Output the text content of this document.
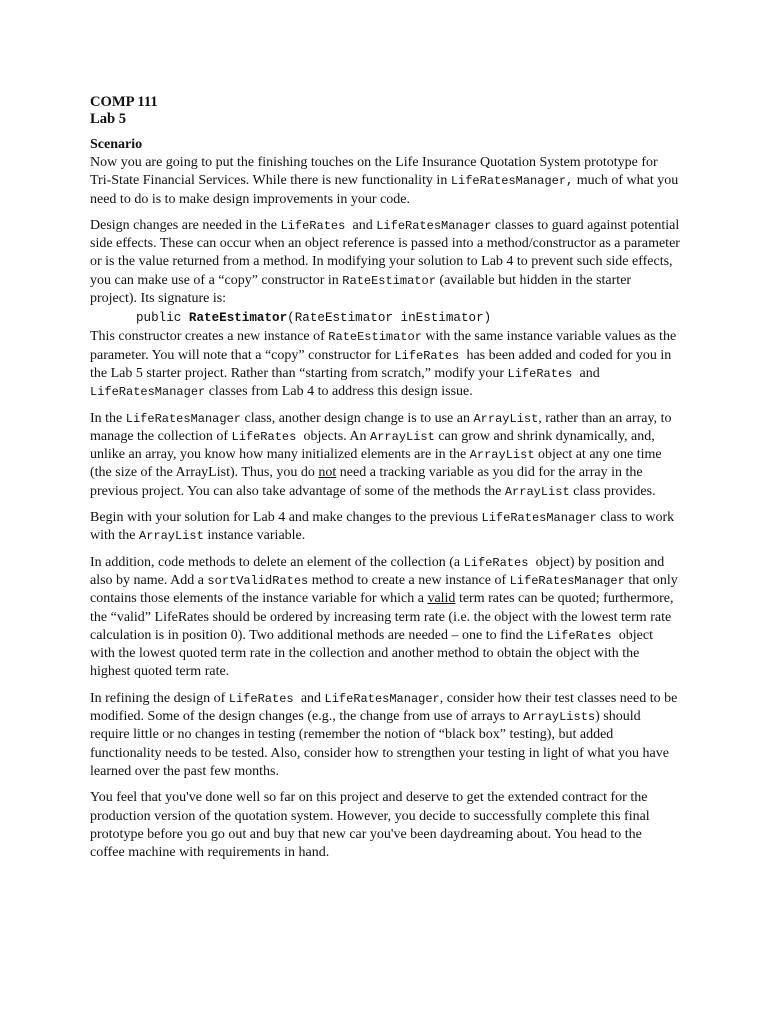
COMP 111
Lab 5
Scenario

Now you are going to put the finishing touches on the Life Insurance Quotation System prototype for Tri-State Financial Services. While there is new functionality in LifeRatesManager, much of what you need to do is to make design improvements in your code.

Design changes are needed in the LifeRates and LifeRatesManager classes to guard against potential side effects. These can occur when an object reference is passed into a method/constructor as a parameter or is the value returned from a method. In modifying your solution to Lab 4 to prevent such side effects, you can make use of a “copy” constructor in RateEstimator (available but hidden in the starter project). Its signature is:

public RateEstimator(RateEstimator inEstimator)

This constructor creates a new instance of RateEstimator with the same instance variable values as the parameter. You will note that a “copy” constructor for LifeRates has been added and coded for you in the Lab 5 starter project. Rather than “starting from scratch,” modify your LifeRates and LifeRatesManager classes from Lab 4 to address this design issue.

In the LifeRatesManager class, another design change is to use an ArrayList, rather than an array, to manage the collection of LifeRates objects. An ArrayList can grow and shrink dynamically, and, unlike an array, you know how many initialized elements are in the ArrayList object at any one time (the size of the ArrayList). Thus, you do not need a tracking variable as you did for the array in the previous project. You can also take advantage of some of the methods the ArrayList class provides.

Begin with your solution for Lab 4 and make changes to the previous LifeRatesManager class to work with the ArrayList instance variable.

In addition, code methods to delete an element of the collection (a LifeRates object) by position and also by name. Add a sortValidRates method to create a new instance of LifeRatesManager that only contains those elements of the instance variable for which a valid term rates can be quoted; furthermore, the “valid” LifeRates should be ordered by increasing term rate (i.e. the object with the lowest term rate calculation is in position 0). Two additional methods are needed – one to find the LifeRates object with the lowest quoted term rate in the collection and another method to obtain the object with the highest quoted term rate.

In refining the design of LifeRates and LifeRatesManager, consider how their test classes need to be modified. Some of the design changes (e.g., the change from use of arrays to ArrayLists) should require little or no changes in testing (remember the notion of “black box” testing), but added functionality needs to be tested. Also, consider how to strengthen your testing in light of what you have learned over the past few months.

You feel that you've done well so far on this project and deserve to get the extended contract for the production version of the quotation system. However, you decide to successfully complete this final prototype before you go out and buy that new car you've been daydreaming about. You head to the coffee machine with requirements in hand.
